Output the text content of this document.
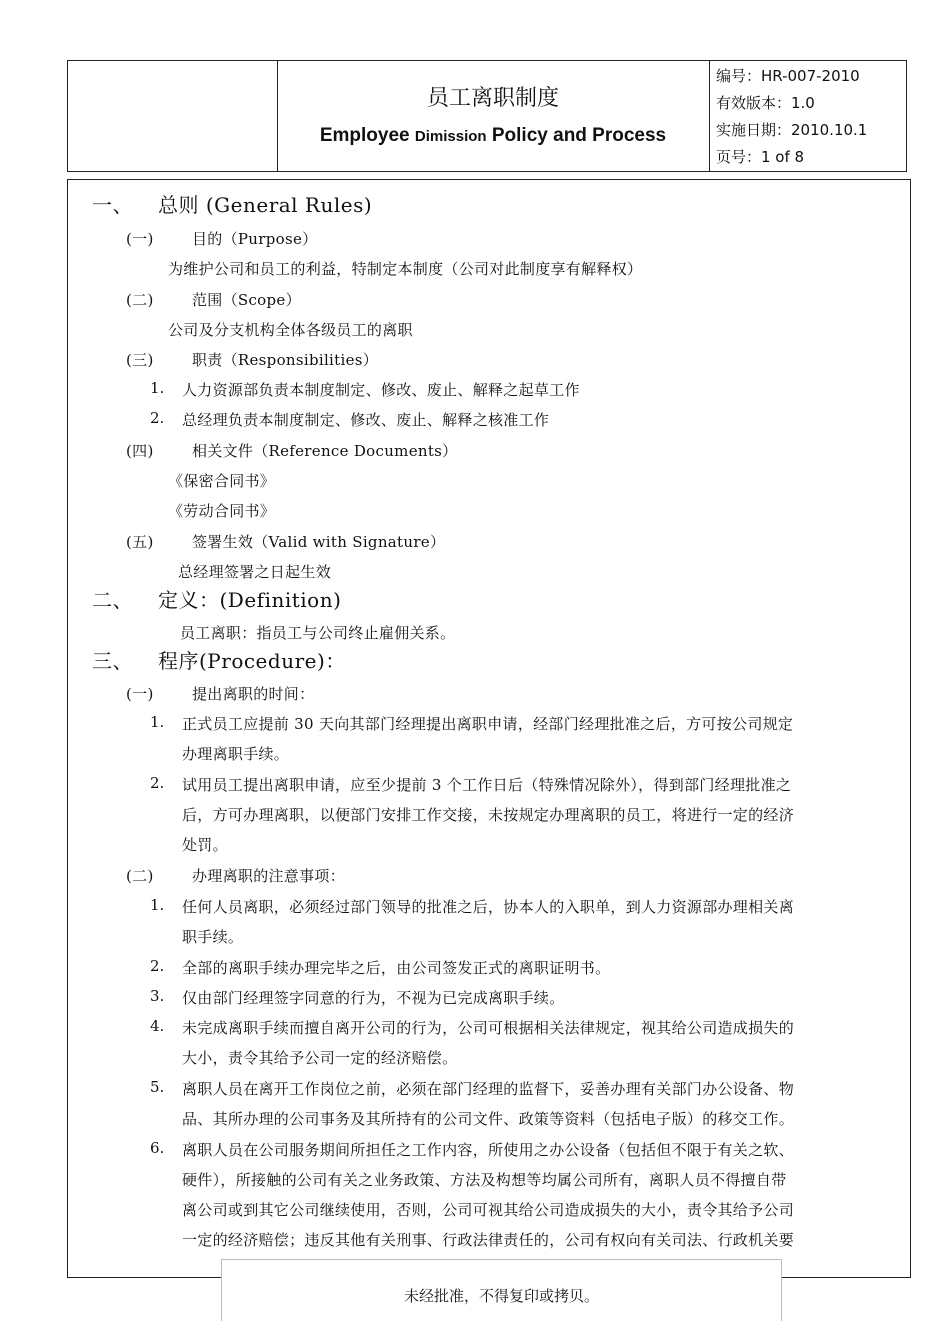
员工离职制度
Employee Dimission Policy and Process
编号：HR-007-2010
有效版本：1.0
实施日期：2010.10.1
页号：1 of 8
一、 总则 (General Rules)
(一)	目的（Purpose）
为维护公司和员工的利益，特制定本制度（公司对此制度享有解释权）
(二)	范围（Scope）
公司及分支机构全体各级员工的离职
(三)	职责（Responsibilities）
1. 人力资源部负责本制度制定、修改、废止、解释之起草工作
2. 总经理负责本制度制定、修改、废止、解释之核准工作
(四)	相关文件（Reference Documents）
《保密合同书》
《劳动合同书》
(五)	签署生效（Valid with Signature）
总经理签署之日起生效
二、 定义：(Definition)
员工离职：指员工与公司终止雇佣关系。
三、 程序(Procedure)：
(一)	提出离职的时间：
1. 正式员工应提前 30 天向其部门经理提出离职申请，经部门经理批准之后，方可按公司规定
办理离职手续。
2. 试用员工提出离职申请，应至少提前 3 个工作日后（特殊情况除外），得到部门经理批准之
后，方可办理离职，以便部门安排工作交接，未按规定办理离职的员工，将进行一定的经济
处罚。
(二)	办理离职的注意事项：
1. 任何人员离职，必须经过部门领导的批准之后，协本人的入职单，到人力资源部办理相关离
职手续。
2. 全部的离职手续办理完毕之后，由公司签发正式的离职证明书。
3. 仅由部门经理签字同意的行为，不视为已完成离职手续。
4. 未完成离职手续而擅自离开公司的行为，公司可根据相关法律规定，视其给公司造成损失的
大小，责令其给予公司一定的经济赔偿。
5. 离职人员在离开工作岗位之前，必须在部门经理的监督下，妥善办理有关部门办公设备、物
品、其所办理的公司事务及其所持有的公司文件、政策等资料（包括电子版）的移交工作。
6. 离职人员在公司服务期间所担任之工作内容，所使用之办公设备（包括但不限于有关之软、
硬件），所接触的公司有关之业务政策、方法及构想等均属公司所有，离职人员不得擅自带
离公司或到其它公司继续使用，否则，公司可视其给公司造成损失的大小，责令其给予公司
一定的经济赔偿；违反其他有关刑事、行政法律责任的，公司有权向有关司法、行政机关要
未经批准，不得复印或拷贝。
